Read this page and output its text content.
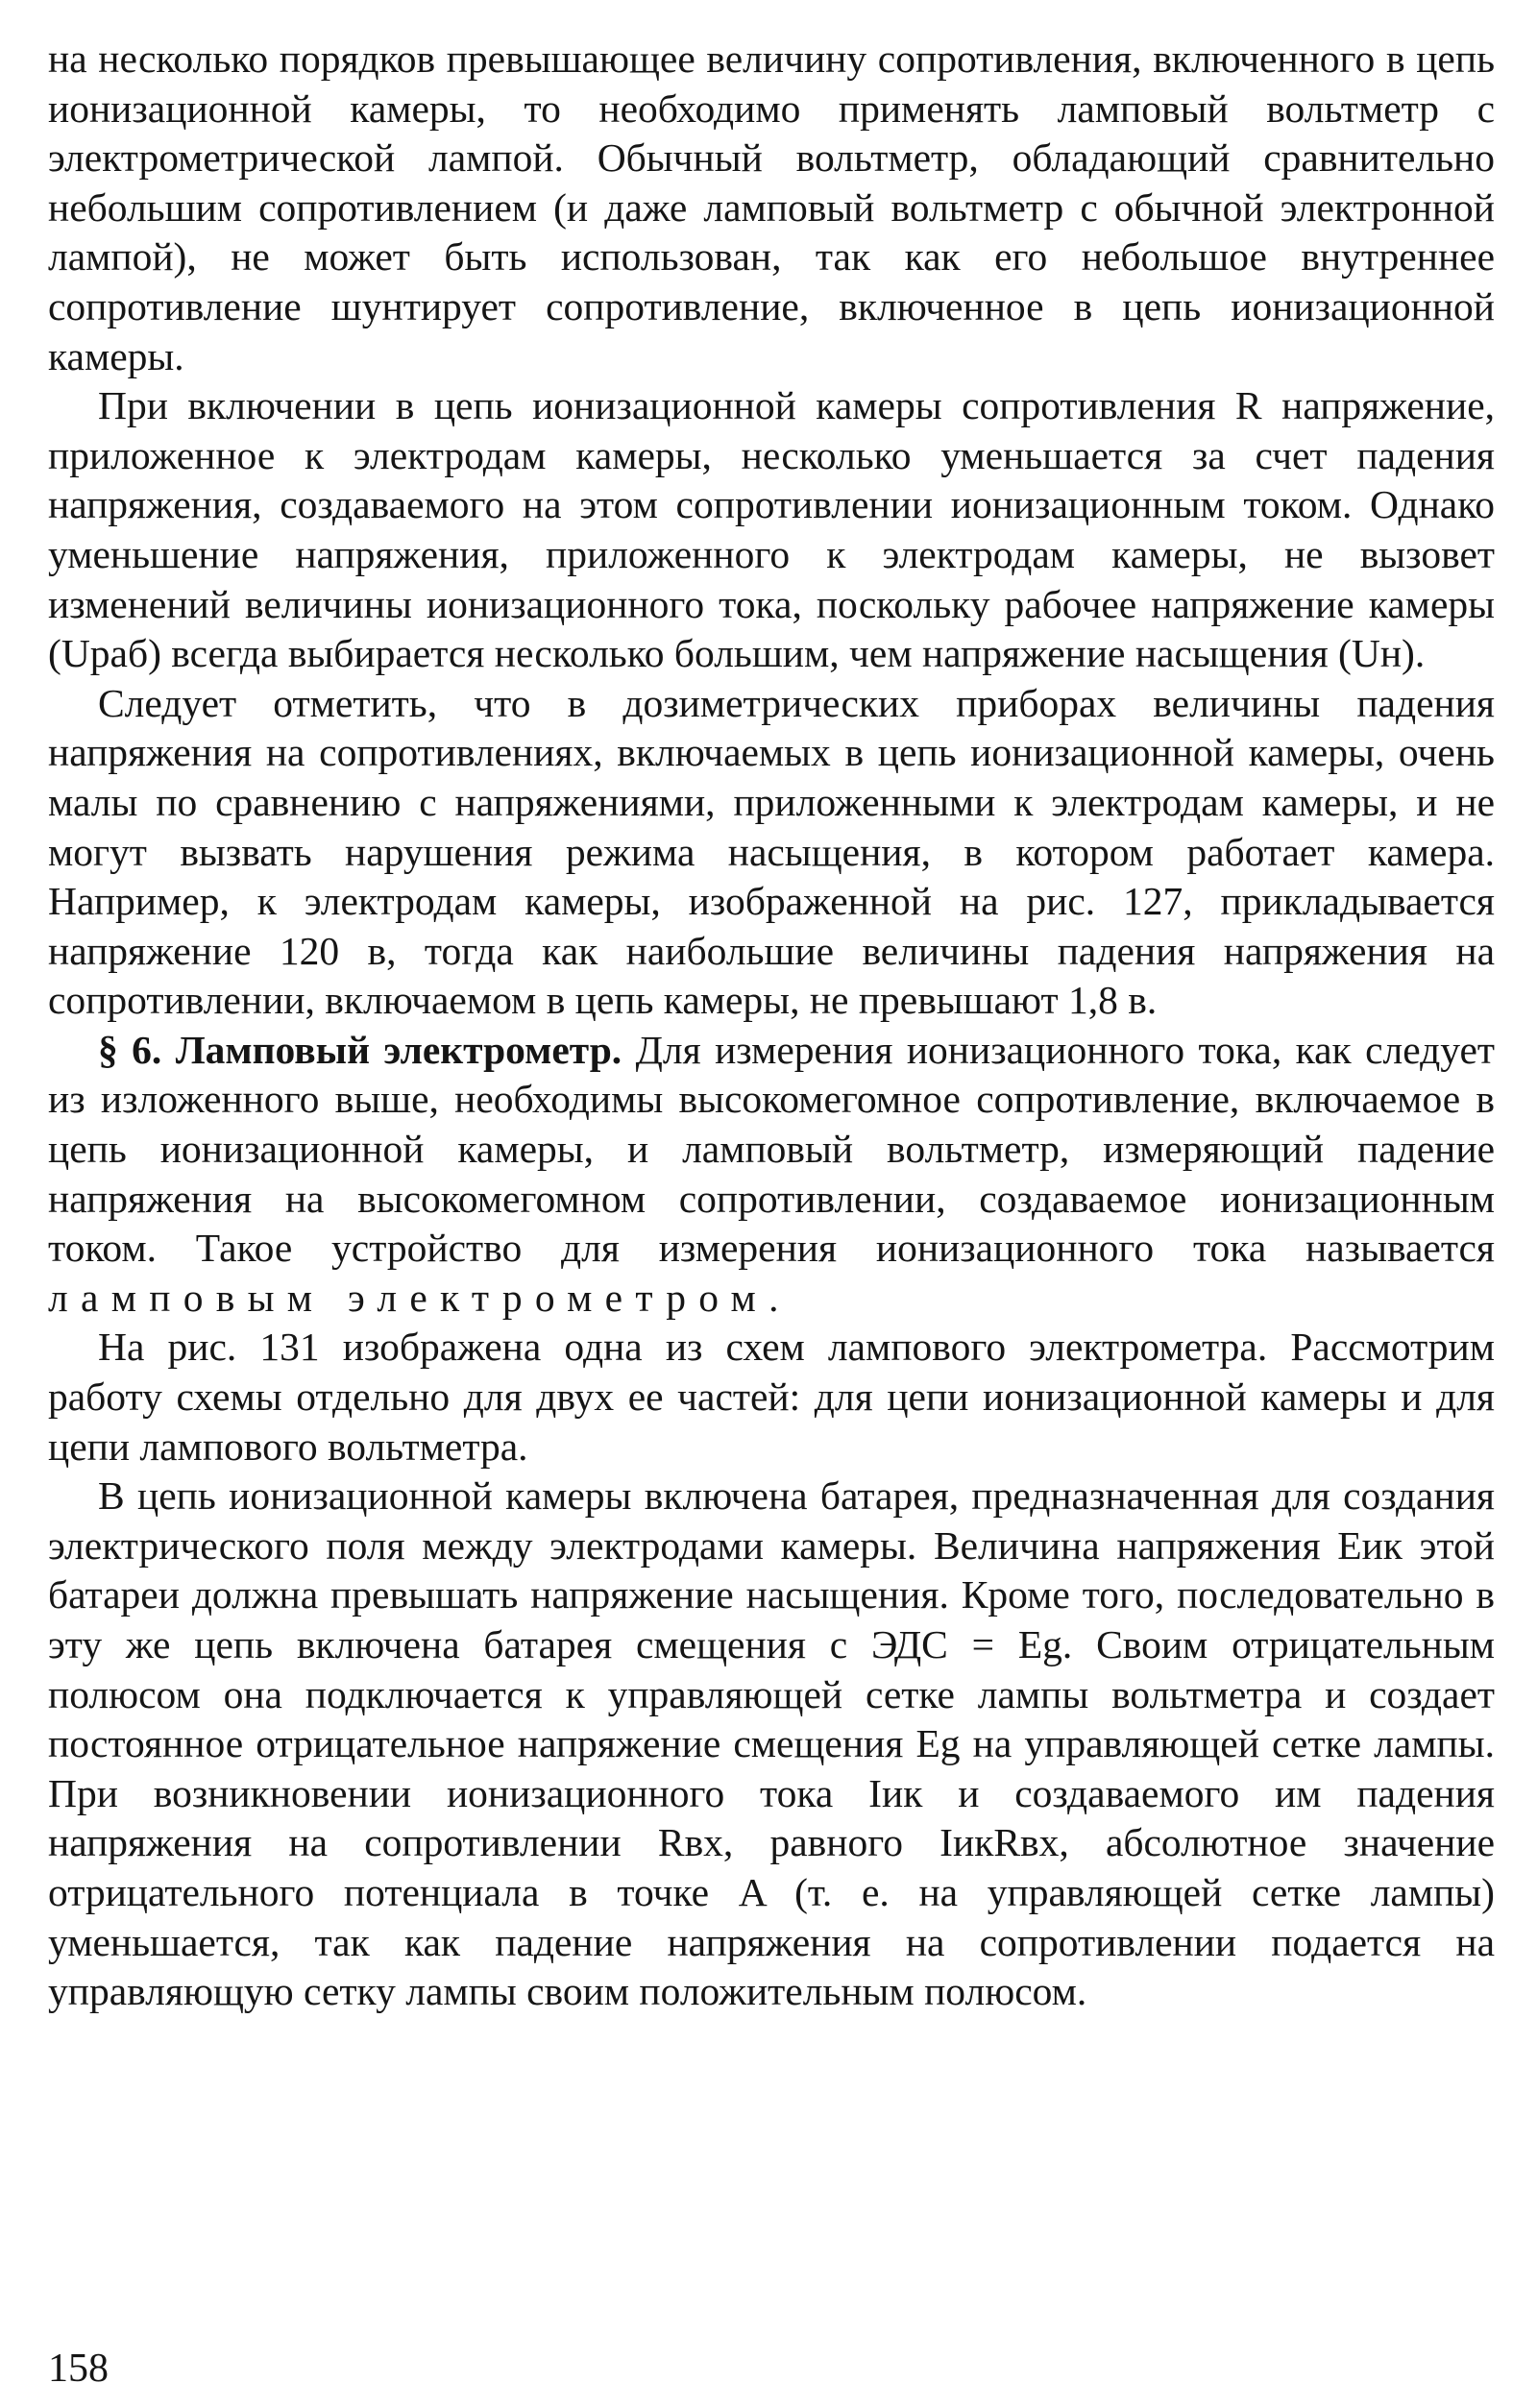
на несколько порядков превышающее величину сопротивления, включенного в цепь ионизационной камеры, то необходимо применять ламповый вольтметр с электрометрической лампой. Обычный вольтметр, обладающий сравнительно небольшим сопротивлением (и даже ламповый вольтметр с обычной электронной лампой), не может быть использован, так как его небольшое внутреннее сопротивление шунтирует сопротивление, включенное в цепь ионизационной камеры.

При включении в цепь ионизационной камеры сопротивления R напряжение, приложенное к электродам камеры, несколько уменьшается за счет падения напряжения, создаваемого на этом сопротивлении ионизационным током. Однако уменьшение напряжения, приложенного к электродам камеры, не вызовет изменений величины ионизационного тока, поскольку рабочее напряжение камеры (Uраб) всегда выбирается несколько большим, чем напряжение насыщения (Uн).

Следует отметить, что в дозиметрических приборах величины падения напряжения на сопротивлениях, включаемых в цепь ионизационной камеры, очень малы по сравнению с напряжениями, приложенными к электродам камеры, и не могут вызвать нарушения режима насыщения, в котором работает камера. Например, к электродам камеры, изображенной на рис. 127, прикладывается напряжение 120 в, тогда как наибольшие величины падения напряжения на сопротивлении, включаемом в цепь камеры, не превышают 1,8 в.

§ 6. Ламповый электрометр. Для измерения ионизационного тока, как следует из изложенного выше, необходимы высокомегомное сопротивление, включаемое в цепь ионизационной камеры, и ламповый вольтметр, измеряющий падение напряжения на высокомегомном сопротивлении, создаваемое ионизационным током. Такое устройство для измерения ионизационного тока называется ламповым электрометром.

На рис. 131 изображена одна из схем лампового электрометра. Рассмотрим работу схемы отдельно для двух ее частей: для цепи ионизационной камеры и для цепи лампового вольтметра.

В цепь ионизационной камеры включена батарея, предназначенная для создания электрического поля между электродами камеры. Величина напряжения Eик этой батареи должна превышать напряжение насыщения. Кроме того, последовательно в эту же цепь включена батарея смещения с ЭДС = Eg. Своим отрицательным полюсом она подключается к управляющей сетке лампы вольтметра и создает постоянное отрицательное напряжение смещения Eg на управляющей сетке лампы. При возникновении ионизационного тока Iик и создаваемого им падения напряжения на сопротивлении Rвх, равного IикRвх, абсолютное значение отрицательного потенциала в точке A (т. е. на управляющей сетке лампы) уменьшается, так как падение напряжения на сопротивлении подается на управляющую сетку лампы своим положительным полюсом.

158
